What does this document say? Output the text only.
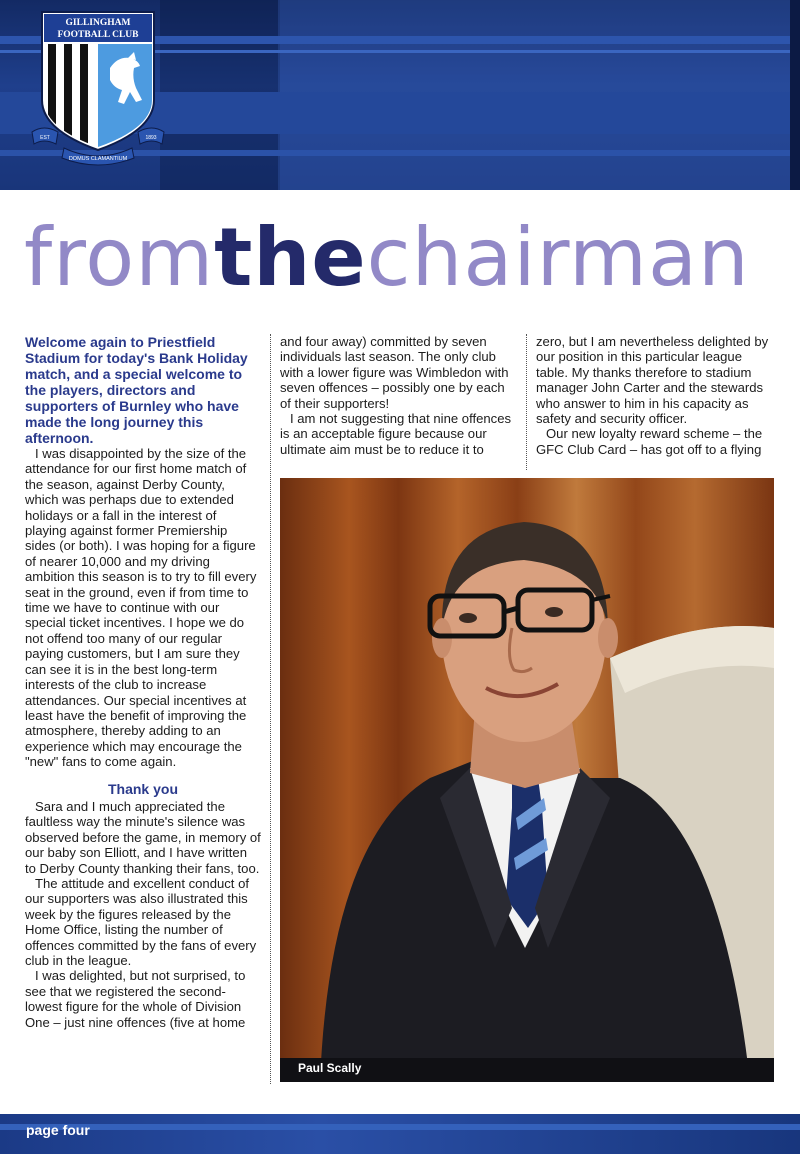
GILLINGHAM
FOOTBALL CLUB
EST	1893
DOMUS CLAMANTIUM
fromthechairman

Welcome again to Priestfield Stadium for today's Bank Holiday match, and a special welcome to the players, directors and supporters of Burnley who have made the long journey this afternoon.

I was disappointed by the size of the attendance for our first home match of the season, against Derby County, which was perhaps due to extended holidays or a fall in the interest of playing against former Premiership sides (or both). I was hoping for a figure of nearer 10,000 and my driving ambition this season is to try to fill every seat in the ground, even if from time to time we have to continue with our special ticket incentives. I hope we do not offend too many of our regular paying customers, but I am sure they can see it is in the best long-term interests of the club to increase attendances. Our special incentives at least have the benefit of improving the atmosphere, thereby adding to an experience which may encourage the "new" fans to come again.

Thank you

Sara and I much appreciated the faultless way the minute's silence was observed before the game, in memory of our baby son Elliott, and I have written to Derby County thanking their fans, too.

The attitude and excellent conduct of our supporters was also illustrated this week by the figures released by the Home Office, listing the number of offences committed by the fans of every club in the league.

I was delighted, but not surprised, to see that we registered the second-lowest figure for the whole of Division One – just nine offences (five at home

and four away) committed by seven individuals last season. The only club with a lower figure was Wimbledon with seven offences – possibly one by each of their supporters!

I am not suggesting that nine offences is an acceptable figure because our ultimate aim must be to reduce it to

zero, but I am nevertheless delighted by our position in this particular league table. My thanks therefore to stadium manager John Carter and the stewards who answer to him in his capacity as safety and security officer.

Our new loyalty reward scheme – the GFC Club Card – has got off to a flying

Paul Scally
page four
